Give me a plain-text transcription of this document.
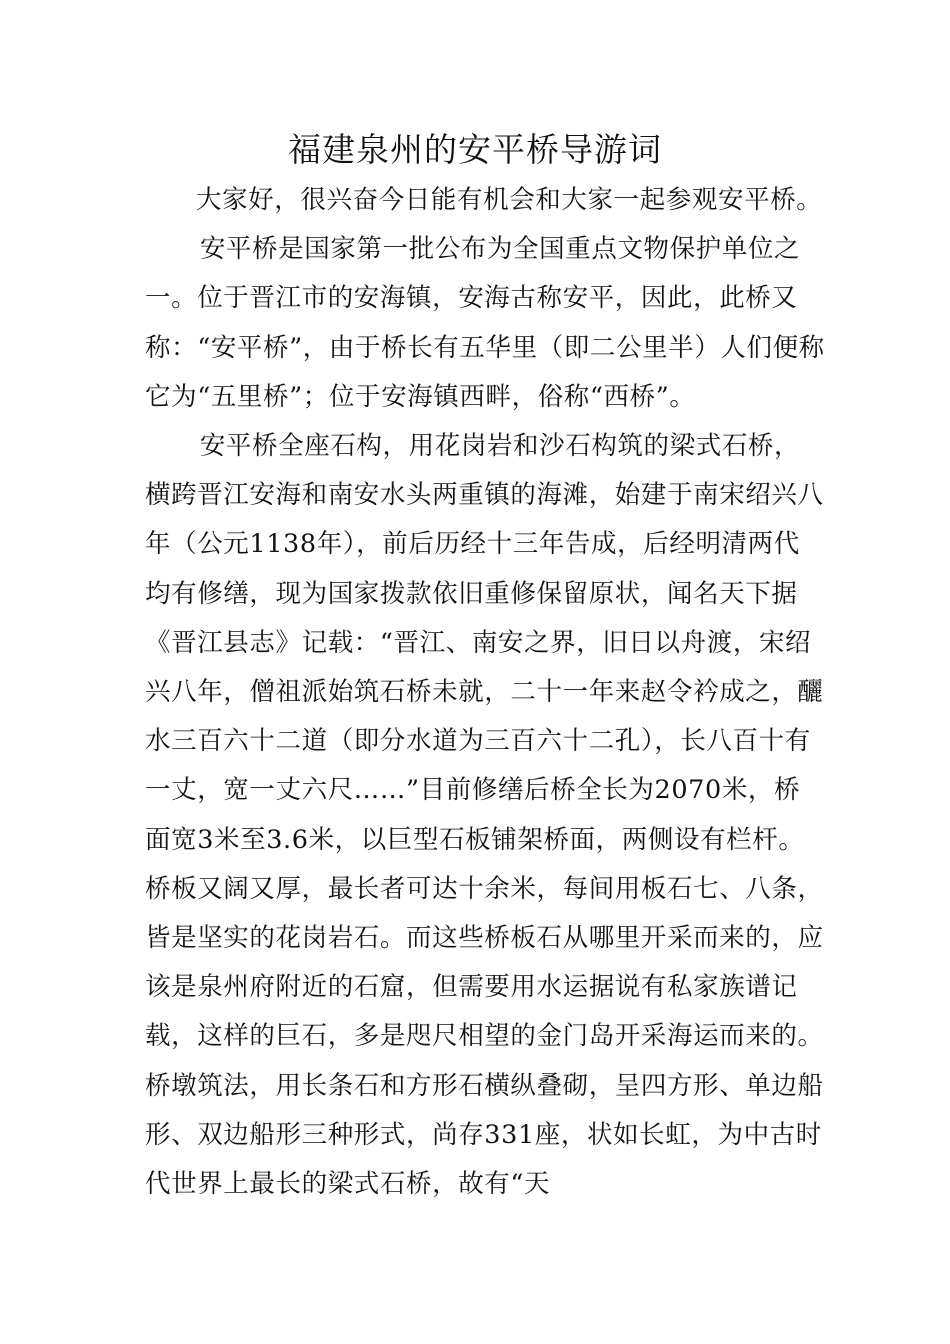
福建泉州的安平桥导游词

大家好，很兴奋今日能有机会和大家一起参观安平桥。

安平桥是国家第一批公布为全国重点文物保护单位之一。位于晋江市的安海镇，安海古称安平，因此，此桥又称：“安平桥”，由于桥长有五华里（即二公里半）人们便称它为“五里桥”；位于安海镇西畔，俗称“西桥”。

安平桥全座石构，用花岗岩和沙石构筑的梁式石桥，横跨晋江安海和南安水头两重镇的海滩，始建于南宋绍兴八年（公元1138年），前后历经十三年告成，后经明清两代均有修缮，现为国家拨款依旧重修保留原状，闻名天下据《晋江县志》记载：“晋江、南安之界，旧日以舟渡，宋绍兴八年，僧祖派始筑石桥未就，二十一年来赵令衿成之，釃水三百六十二道（即分水道为三百六十二孔），长八百十有一丈，宽一丈六尺……”目前修缮后桥全长为2070米，桥面宽3米至3.6米，以巨型石板铺架桥面，两侧设有栏杆。桥板又阔又厚，最长者可达十余米，每间用板石七、八条，皆是坚实的花岗岩石。而这些桥板石从哪里开采而来的，应该是泉州府附近的石窟，但需要用水运据说有私家族谱记载，这样的巨石，多是咫尺相望的金门岛开采海运而来的。桥墩筑法，用长条石和方形石横纵叠砌，呈四方形、单边船形、双边船形三种形式，尚存331座，状如长虹，为中古时代世界上最长的梁式石桥，故有“天
